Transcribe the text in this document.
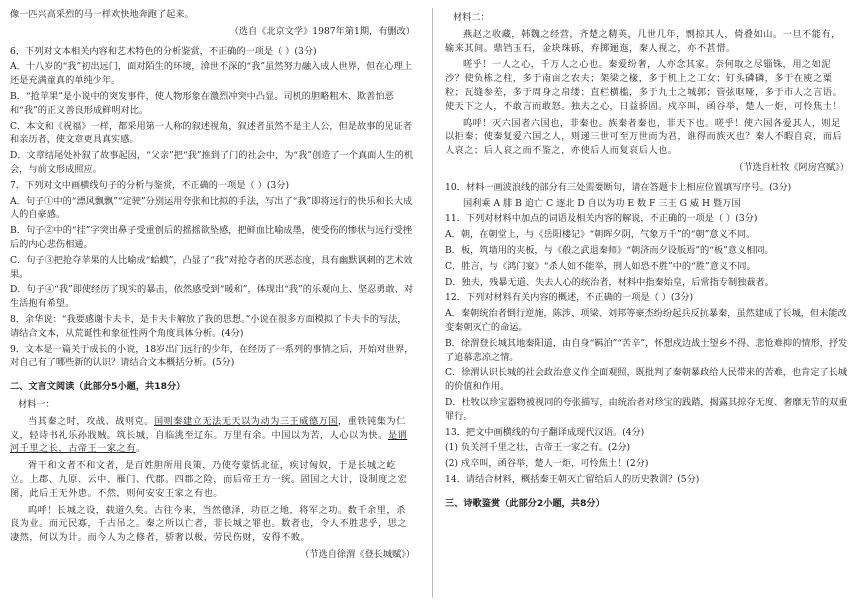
像一匹兴高采烈的马一样欢快地奔跑了起来。

（选自《北京文学》1987年第1期，有删改）

6．下列对文本相关内容和艺术特色的分析鉴赏，不正确的一项是（ ）(3分)

A．十八岁的“我”初出远门，面对陌生的环境，渰世不深的“我”虽然努力融入成人世界，但在心理上还是充满童真的单纯少年。

B．“抢苹果”是小说中的突发事件，使人物形象在激烈冲突中凸显。司机的胆略粗木、欺善怕恶和“我”的正义善良形成鲜明对比。

C．本文和《祝福》一样，都采用第一人称的叙述视角，叙述者虽然不是主人公，但是故事的见证者和亲历者，使文章更具真实感。

D．文章结尾处补叙了故事起因，“父亲”把“我”推到了门的社会中，为“我”创造了一个真面人生的机会，与前文形成照应。

7．下列对文中画横线句子的分析与鉴赏，不正确的一项是（ ）(3分)

A．句子①中的“漂风飘飘”“定驶”分别运用夸张和比拟的手法，写出了“我”即将远行的快乐和长大成人的自豪感。

B．句子②中的“挂”字突出鼻子受重创后的摇摇欲坠感，把鲜血比喻成墨，使受伤的惨状与远行受挫后的内心悲伤相通。

C．句子③把抢夺苹果的人比喻成“蛤蟆”，凸显了“我”对抢夺者的厌恶态度，具有幽默讽刺的艺术效果。

D．句子④“我”即使经历了现实的暴击，依然感受到“暖和”，体现出“我”的乐观向上、坚忍勇敢、对生活抱有希望。

8．余华说：“我要感谢卡夫卡，是卡夫卡解放了我的思想。”小说在很多方面模拟了卡夫卡的写法，请结合文本，从荒诞性和象征性两个角度具体分析。(4分)

9．文本是一篇关于成长的小说，18岁出门远行的少年，在经历了一系列的事情之后，开始对世界，对自己有了哪些新的认识？请结合文本概括分析。(5分)

二、文言文阅读（此部分5小题，共18分）

材料一：

当其秦之时，攻战、战则克。国则秦建立无法无天以为动为三王威德万国，重铁钝集为仁义，轻诗书礼乐孙戕贼。筑长城，自临洮至辽东。万里有余。中国以为苦，人心以为快。是谓河千里之长，古帝王一家之有。

胥干和文者不和文者，是百姓胆所用良策，乃使夸蒙恬北征，疾讨匈奴，于是长城之屹立。上郡、九原、云中、雁门、代郡。四郡之险，而后帝王方一统。固国之大计，设制度之宏图，此后王无外患。不然，则何安安王家之有也。

呜呼！长城之设，载道久矣。古往今来，当然德泽，功臣之地，将军之功。数千余里，杀良为业。而元民寡，千古吊之。秦之所以亡者，非长城之罪也。数者也，令人不胜悲乎，思之凄然，何以为计。而今人为之修者，骄奢以极，劳民伤财，安得不败。

（节选自徐渭《登长城赋》）

材料二：

燕赵之收藏，韩魏之经营，齐楚之精英，几世几年，剽掠其人，倚叠如山。一旦不能有，输来其间。鼎铛玉石，金块珠砾，弃掷逦迤，秦人视之，亦不甚惜。

嗟乎！一人之心，千万人之心也。秦爱纷奢，人亦念其家。奈何取之尽锱铢，用之如泥沙？使负栋之柱，多于南亩之农夫；架梁之椽，多于机上之工女；钉头磷磷，多于在庾之粟粒；瓦缝参差，多于周身之帛缕；直栏横槛，多于九土之城郭；管弦呕哑，多于市人之言语。使天下之人，不敢言而敢怒。独夫之心，日益骄固。戍卒叫，函谷举，楚人一炬，可怜焦土！

呜呼！灭六国者六国也，非秦也。族秦者秦也，非天下也。嗟乎！使六国各爱其人，则足以拒秦；使秦复爱六国之人，则递三世可至万世而为君，谁得而族灭也？秦人不暇自哀，而后人哀之；后人哀之而不鉴之，亦使后人而复哀后人也。

（节选自杜牧《阿房宫赋》）

10．材料一画波浪线的部分有三处需要断句，请在答题卡上相应位置填写序号。(3分)

国利乘 A 腓 B 追亡 C 逐北 D 自以为功 E 数 F 三王 G 威 H 暨万国

11．下列对材料中加点的词语及相关内容的解说，不正确的一项是（ ）(3分)

A．朝，在朝堂上，与《岳阳楼记》“朝晖夕阴，气象万千”的“朝”意义不同。

B．板，筑墙用的夹板，与《殽之武退秦师》“朝济而夕设版焉”的“板”意义相同。

C．胜言，与《鸿门宴》“杀人如不能举，刑人如恐不胜”中的“胜”意义不同。

D．独夫，残暴无道、失去人心的统治者，材料中指秦始皇，后常指专制独裁者。

12．下列对材料有关内容的概述，不正确的一项是（ ）(3分)

A．秦朝统治者倒行逆施，陈涉、项梁、刘邦等豪杰纷纷起兵反抗暴秦，虽然建成了长城，但未能改变秦朝灭亡的命运。

B．徐渭登长城其地秦阳道，由自身“羁泊”“苦辛”，怀想戍边战士望乡不得、悲怆难抑的情形，抒发了追慕悲凉之情。

C．徐渭认识长城的社会政治意义作全面观照，既批判了秦朝暴政给人民带来的苦难，也肯定了长城的价值和作用。

D．杜牧以珍宝器物被视同的夸张描写，由统治者对珍宝的践踏，揭露其掠夺无度、奢靡无节的双重罪行。

13．把文中画横线的句子翻译成现代汉语。(4分)

(1) 负关河千里之壮，古帝王一家之有。(2分)

(2) 戍卒叫，函谷举，楚人一炬，可怜焦土！(2分)

14．请结合材料，概括秦王朝灭亡留给后人的历史教训？(5分)

三、诗歌鉴赏（此部分2小题，共8分）
